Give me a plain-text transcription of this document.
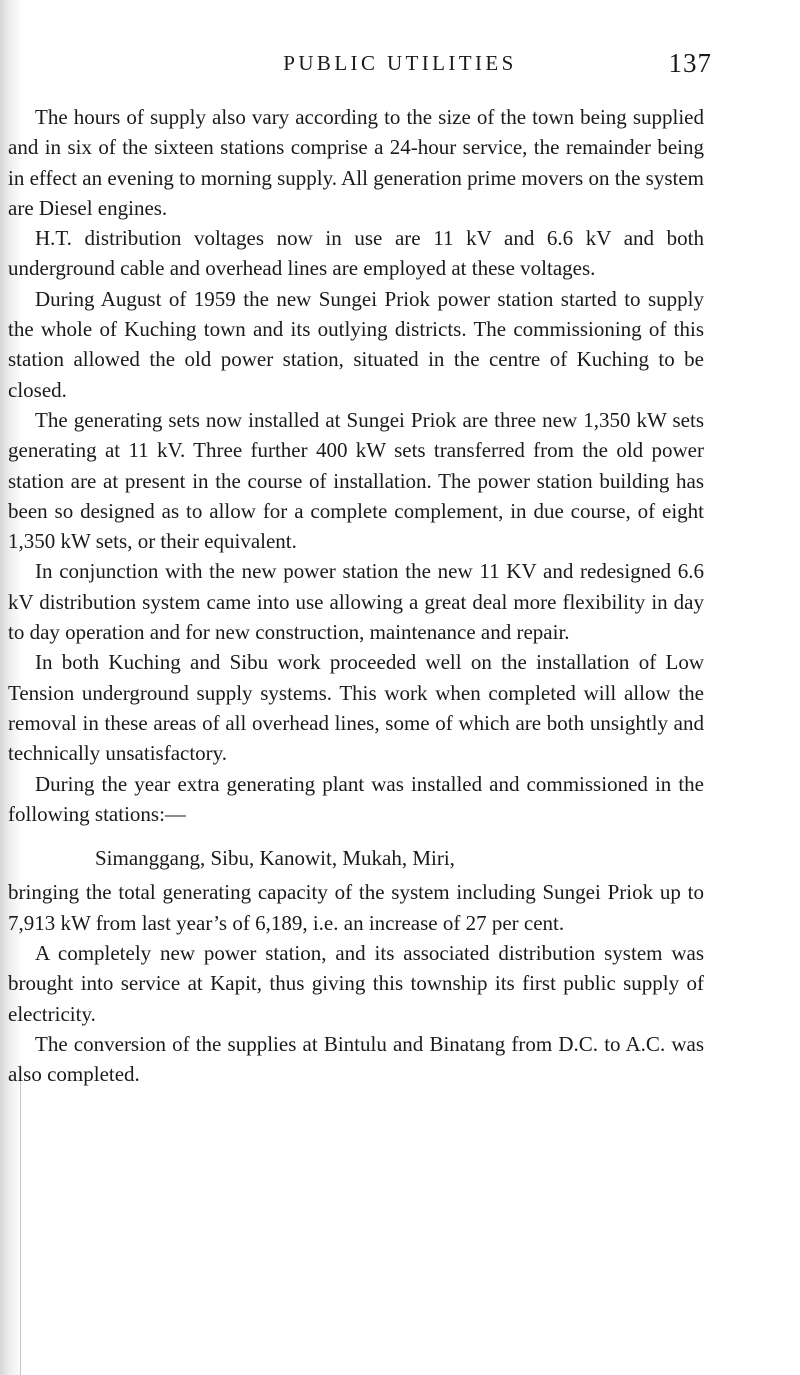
PUBLIC UTILITIES	137

The hours of supply also vary according to the size of the town being supplied and in six of the sixteen stations comprise a 24-hour service, the remainder being in effect an evening to morning supply. All generation prime movers on the system are Diesel engines.

H.T. distribution voltages now in use are 11 kV and 6.6 kV and both underground cable and overhead lines are employed at these voltages.

During August of 1959 the new Sungei Priok power station started to supply the whole of Kuching town and its outlying districts. The commissioning of this station allowed the old power station, situated in the centre of Kuching to be closed.

The generating sets now installed at Sungei Priok are three new 1,350 kW sets generating at 11 kV. Three further 400 kW sets transferred from the old power station are at present in the course of installation. The power station building has been so designed as to allow for a complete complement, in due course, of eight 1,350 kW sets, or their equivalent.

In conjunction with the new power station the new 11 KV and redesigned 6.6 kV distribution system came into use allowing a great deal more flexibility in day to day operation and for new construction, maintenance and repair.

In both Kuching and Sibu work proceeded well on the installation of Low Tension underground supply systems. This work when completed will allow the removal in these areas of all overhead lines, some of which are both unsightly and technically unsatisfactory.

During the year extra generating plant was installed and commissioned in the following stations:—

Simanggang, Sibu, Kanowit, Mukah, Miri,

bringing the total generating capacity of the system including Sungei Priok up to 7,913 kW from last year’s of 6,189, i.e. an increase of 27 per cent.

A completely new power station, and its associated distribution system was brought into service at Kapit, thus giving this township its first public supply of electricity.

The conversion of the supplies at Bintulu and Binatang from D.C. to A.C. was also completed.
